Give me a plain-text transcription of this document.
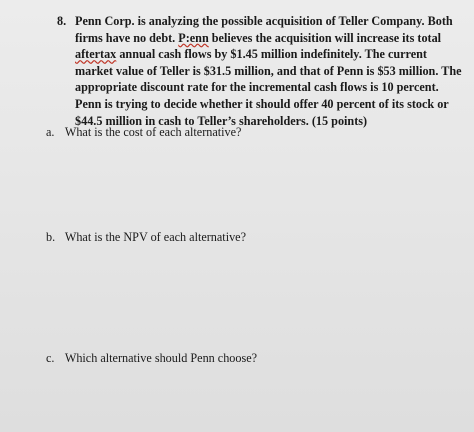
8. Penn Corp. is analyzing the possible acquisition of Teller Company. Both
firms have no debt. P:enn believes the acquisition will increase its total
aftertax annual cash flows by $1.45 million indefinitely. The current
market value of Teller is $31.5 million, and that of Penn is $53 million. The
appropriate discount rate for the incremental cash flows is 10 percent.
Penn is trying to decide whether it should offer 40 percent of its stock or
$44.5 million in cash to Teller’s shareholders. (15 points)
a. What is the cost of each alternative?
b. What is the NPV of each alternative?
c. Which alternative should Penn choose?
